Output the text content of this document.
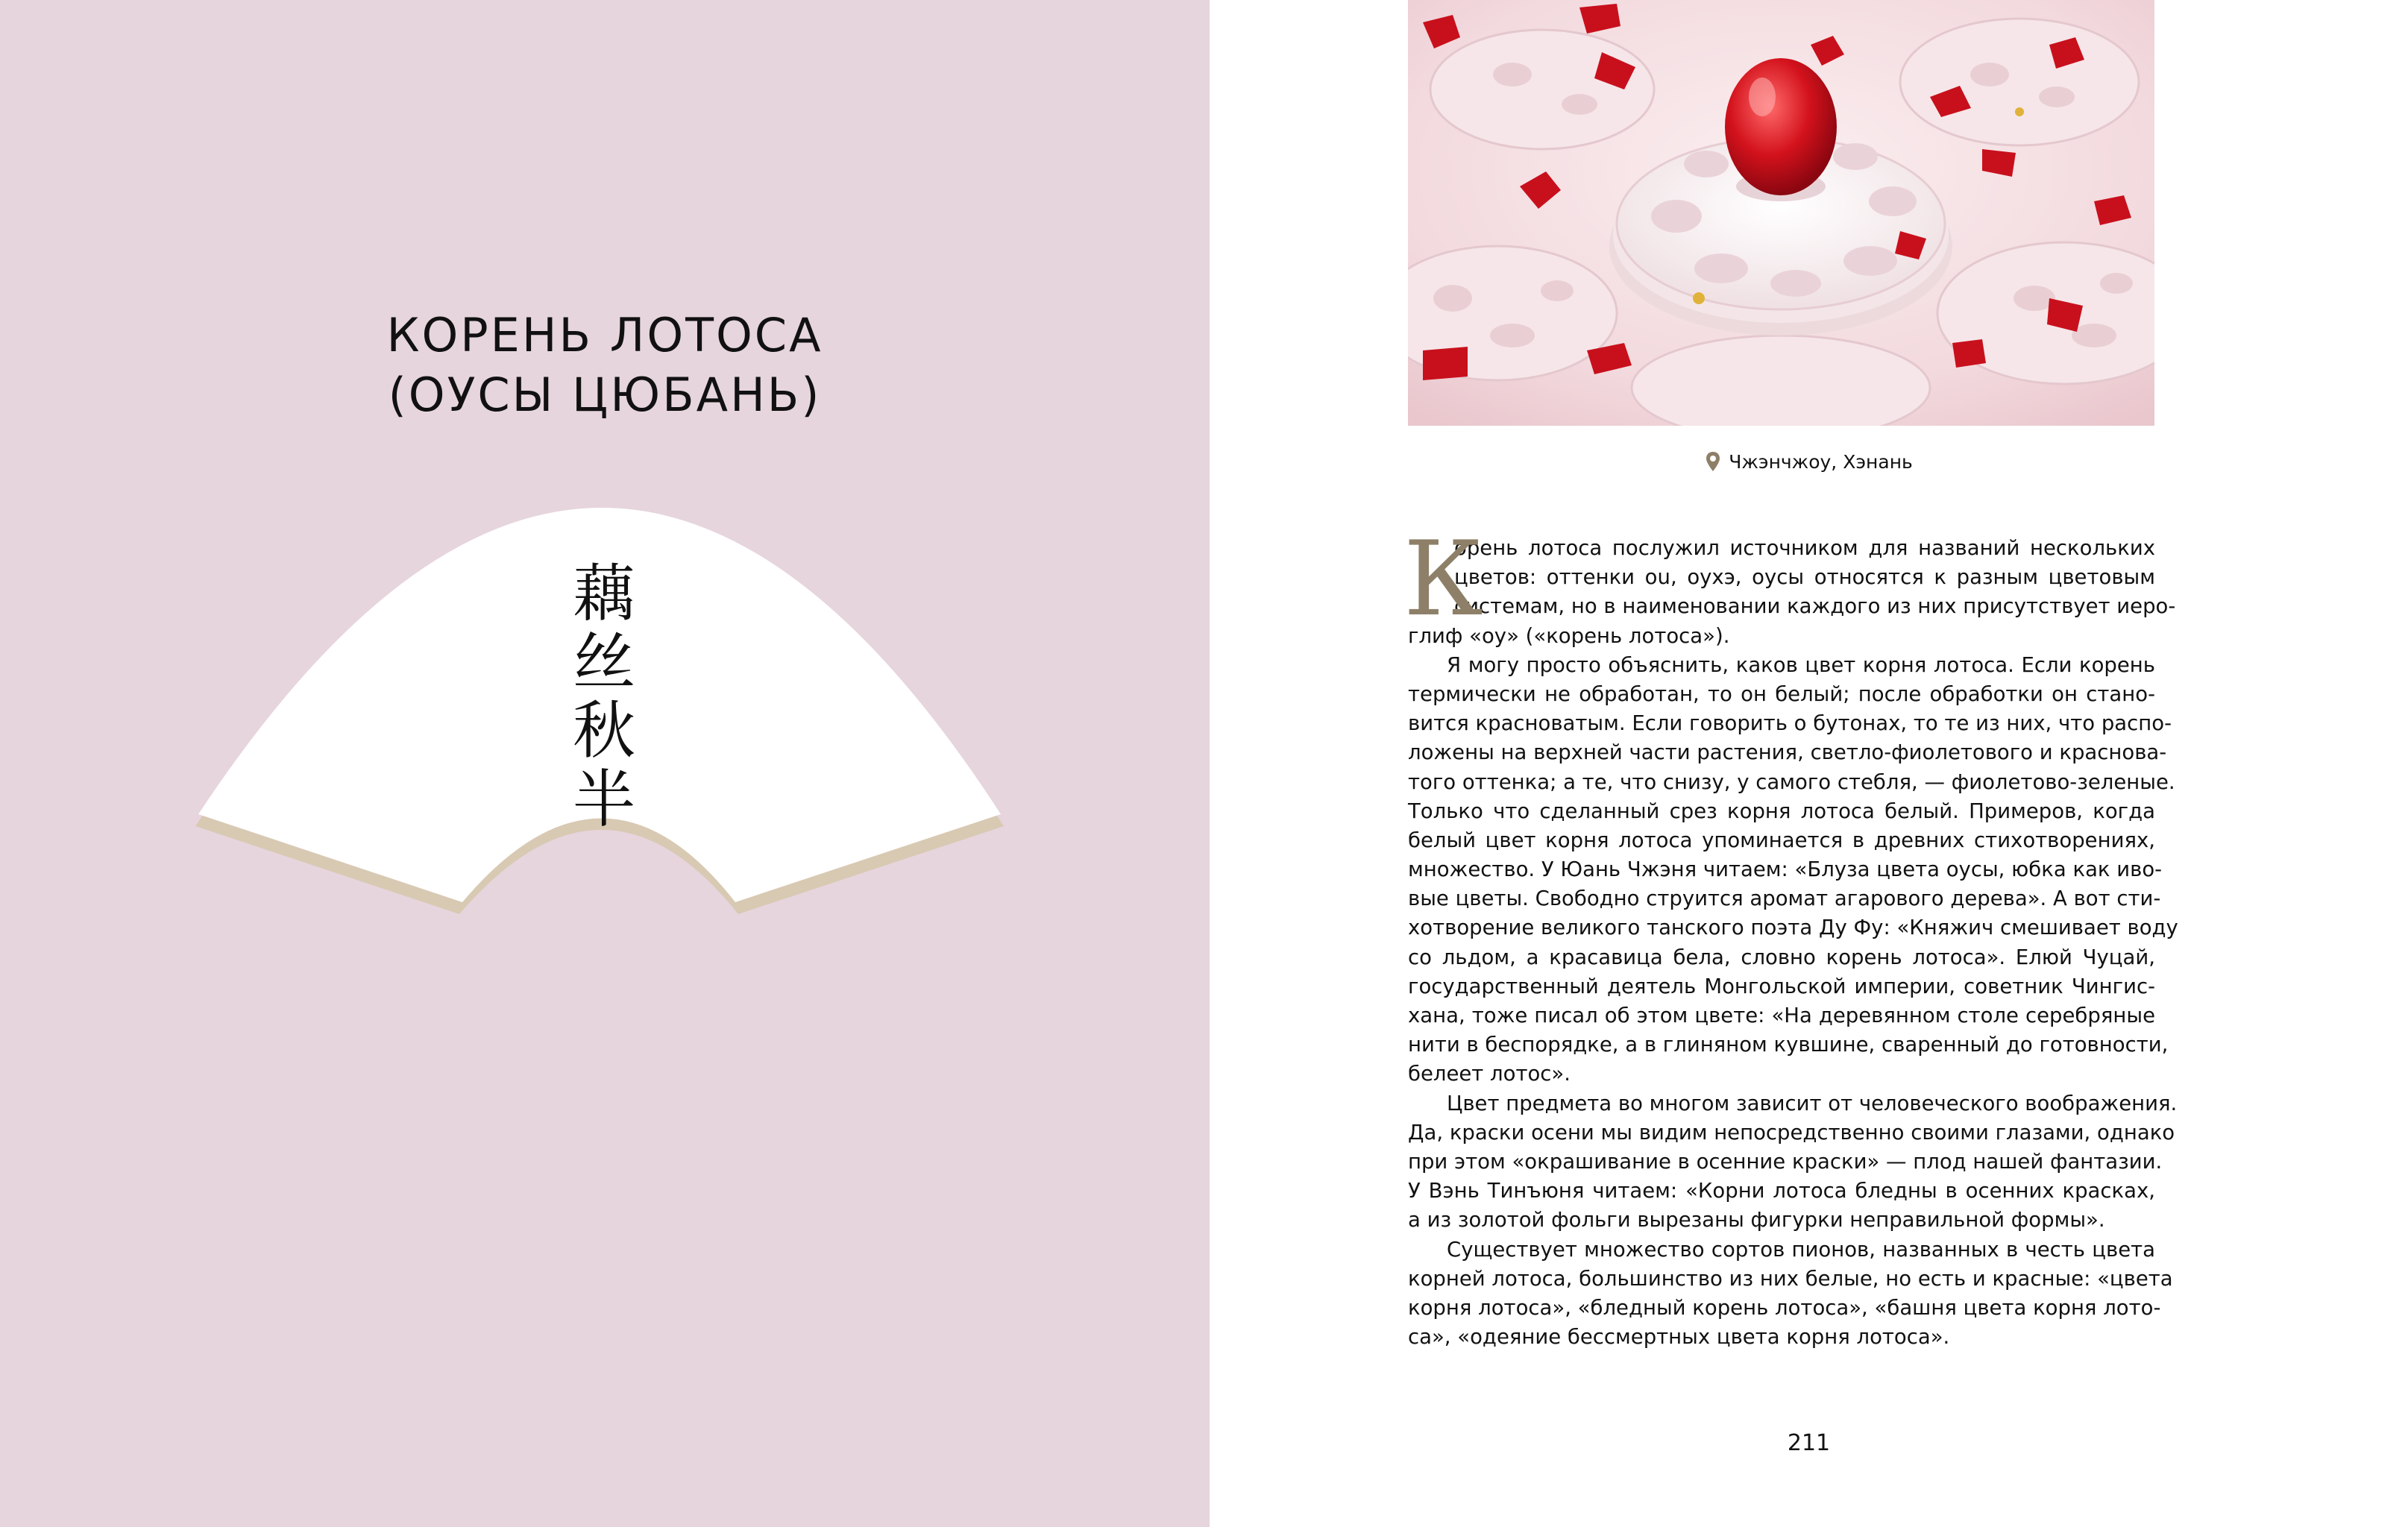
КОРЕНЬ ЛОТОСА
(ОУСЫ ЦЮБАНЬ)
藕
丝
秋
半
Чжэнчжоу, Хэнань
К
орень лотоса послужил источником для названий нескольких
цветов: оттенки ou, оухэ, оусы относятся к разным цветовым
системам, но в наименовании каждого из них присутствует иеро-
глиф «оу» («корень лотоса»).
Я могу просто объяснить, каков цвет корня лотоса. Если корень
термически не обработан, то он белый; после обработки он стано-
вится красноватым. Если говорить о бутонах, то те из них, что распо-
ложены на верхней части растения, светло-фиолетового и краснова-
того оттенка; а те, что снизу, у самого стебля, — фиолетово-зеленые.
Только что сделанный срез корня лотоса белый. Примеров, когда
белый цвет корня лотоса упоминается в древних стихотворениях,
множество. У Юань Чжэня читаем: «Блуза цвета оусы, юбка как иво-
вые цветы. Свободно струится аромат агарового дерева». А вот сти-
хотворение великого танского поэта Ду Фу: «Княжич смешивает воду
со льдом, а красавица бела, словно корень лотоса». Елюй Чуцай,
государственный деятель Монгольской империи, советник Чингис-
хана, тоже писал об этом цвете: «На деревянном столе серебряные
нити в беспорядке, а в глиняном кувшине, сваренный до готовности,
белеет лотос».
Цвет предмета во многом зависит от человеческого воображения.
Да, краски осени мы видим непосредственно своими глазами, однако
при этом «окрашивание в осенние краски» — плод нашей фантазии.
У Вэнь Тинъюня читаем: «Корни лотоса бледны в осенних красках,
а из золотой фольги вырезаны фигурки неправильной формы».
Существует множество сортов пионов, названных в честь цвета
корней лотоса, большинство из них белые, но есть и красные: «цвета
корня лотоса», «бледный корень лотоса», «башня цвета корня лото-
са», «одеяние бессмертных цвета корня лотоса».
211
